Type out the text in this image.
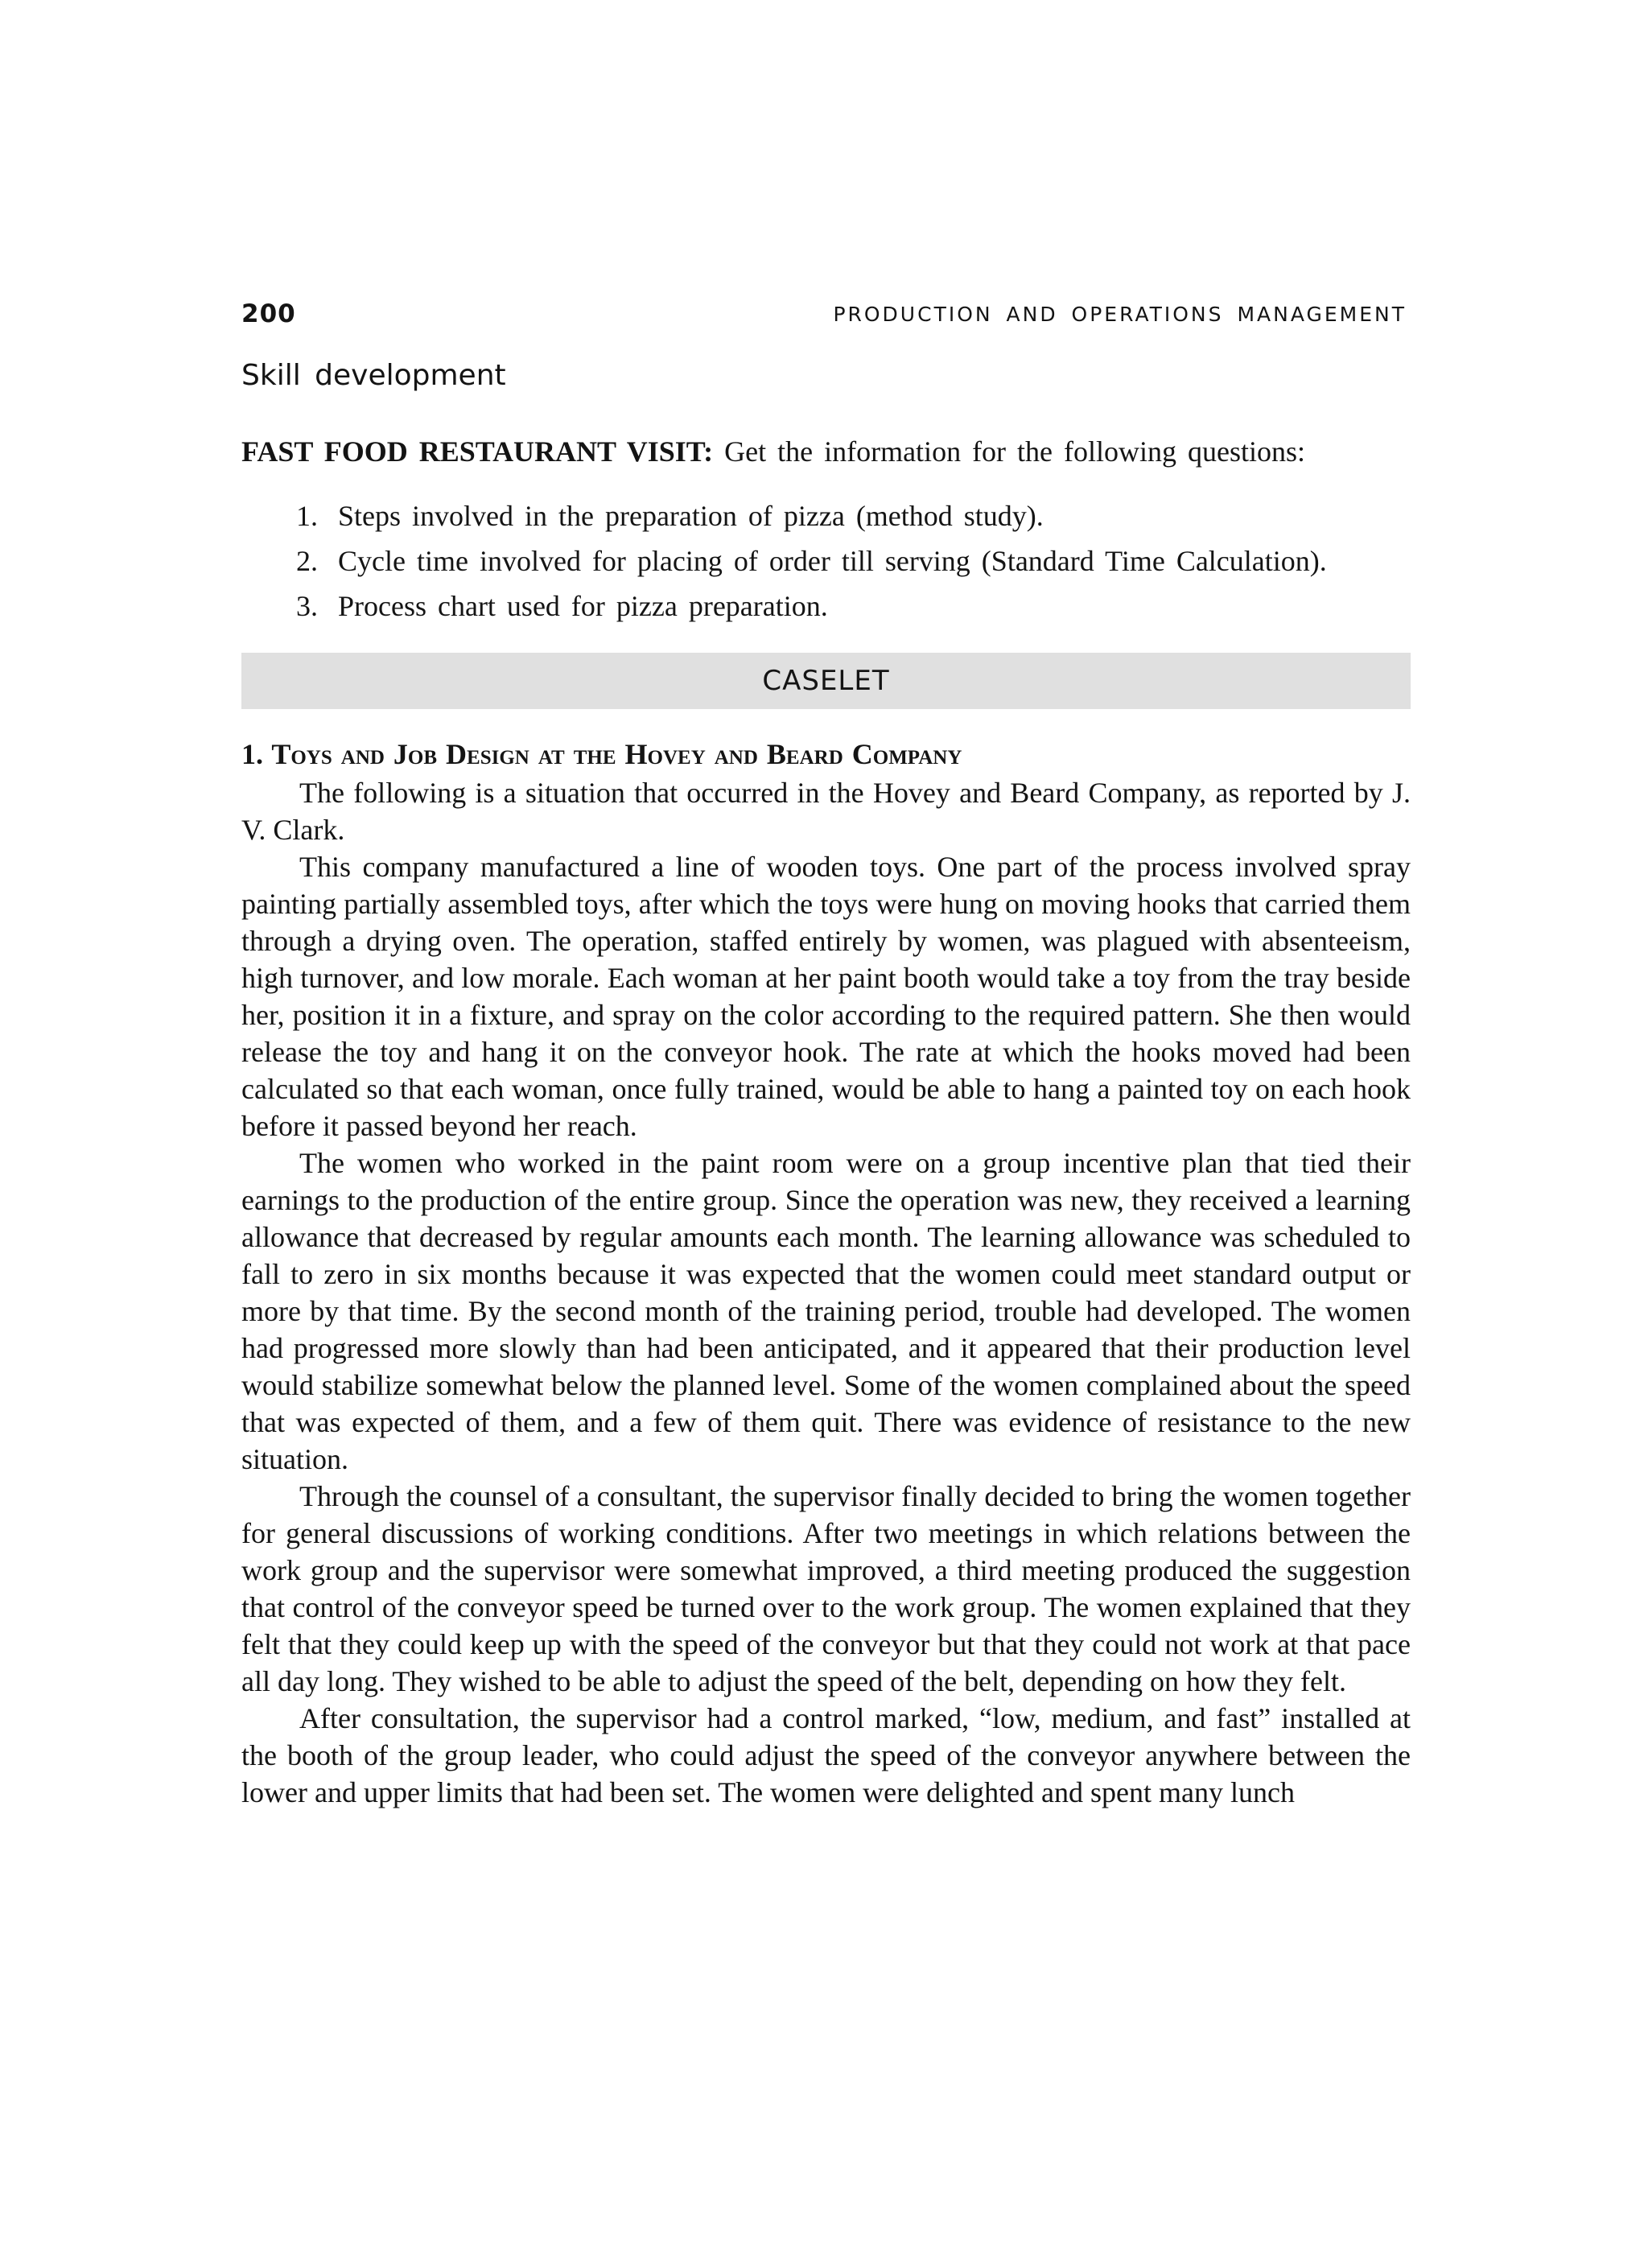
200	PRODUCTION AND OPERATIONS MANAGEMENT
Skill development
FAST FOOD RESTAURANT VISIT: Get the information for the following questions:
1. Steps involved in the preparation of pizza (method study).
2. Cycle time involved for placing of order till serving (Standard Time Calculation).
3. Process chart used for pizza preparation.
CASELET
1. Toys and Job Design at the Hovey and Beard Company

The following is a situation that occurred in the Hovey and Beard Company, as reported by J. V. Clark.

This company manufactured a line of wooden toys. One part of the process involved spray painting partially assembled toys, after which the toys were hung on moving hooks that carried them through a drying oven. The operation, staffed entirely by women, was plagued with absenteeism, high turnover, and low morale. Each woman at her paint booth would take a toy from the tray beside her, position it in a fixture, and spray on the color according to the required pattern. She then would release the toy and hang it on the conveyor hook. The rate at which the hooks moved had been calculated so that each woman, once fully trained, would be able to hang a painted toy on each hook before it passed beyond her reach.

The women who worked in the paint room were on a group incentive plan that tied their earnings to the production of the entire group. Since the operation was new, they received a learning allowance that decreased by regular amounts each month. The learning allowance was scheduled to fall to zero in six months because it was expected that the women could meet standard output or more by that time. By the second month of the training period, trouble had developed. The women had progressed more slowly than had been anticipated, and it appeared that their production level would stabilize somewhat below the planned level. Some of the women complained about the speed that was expected of them, and a few of them quit. There was evidence of resistance to the new situation.

Through the counsel of a consultant, the supervisor finally decided to bring the women together for general discussions of working conditions. After two meetings in which relations between the work group and the supervisor were somewhat improved, a third meeting produced the suggestion that control of the conveyor speed be turned over to the work group. The women explained that they felt that they could keep up with the speed of the conveyor but that they could not work at that pace all day long. They wished to be able to adjust the speed of the belt, depending on how they felt.

After consultation, the supervisor had a control marked, “low, medium, and fast” installed at the booth of the group leader, who could adjust the speed of the conveyor anywhere between the lower and upper limits that had been set. The women were delighted and spent many lunch
